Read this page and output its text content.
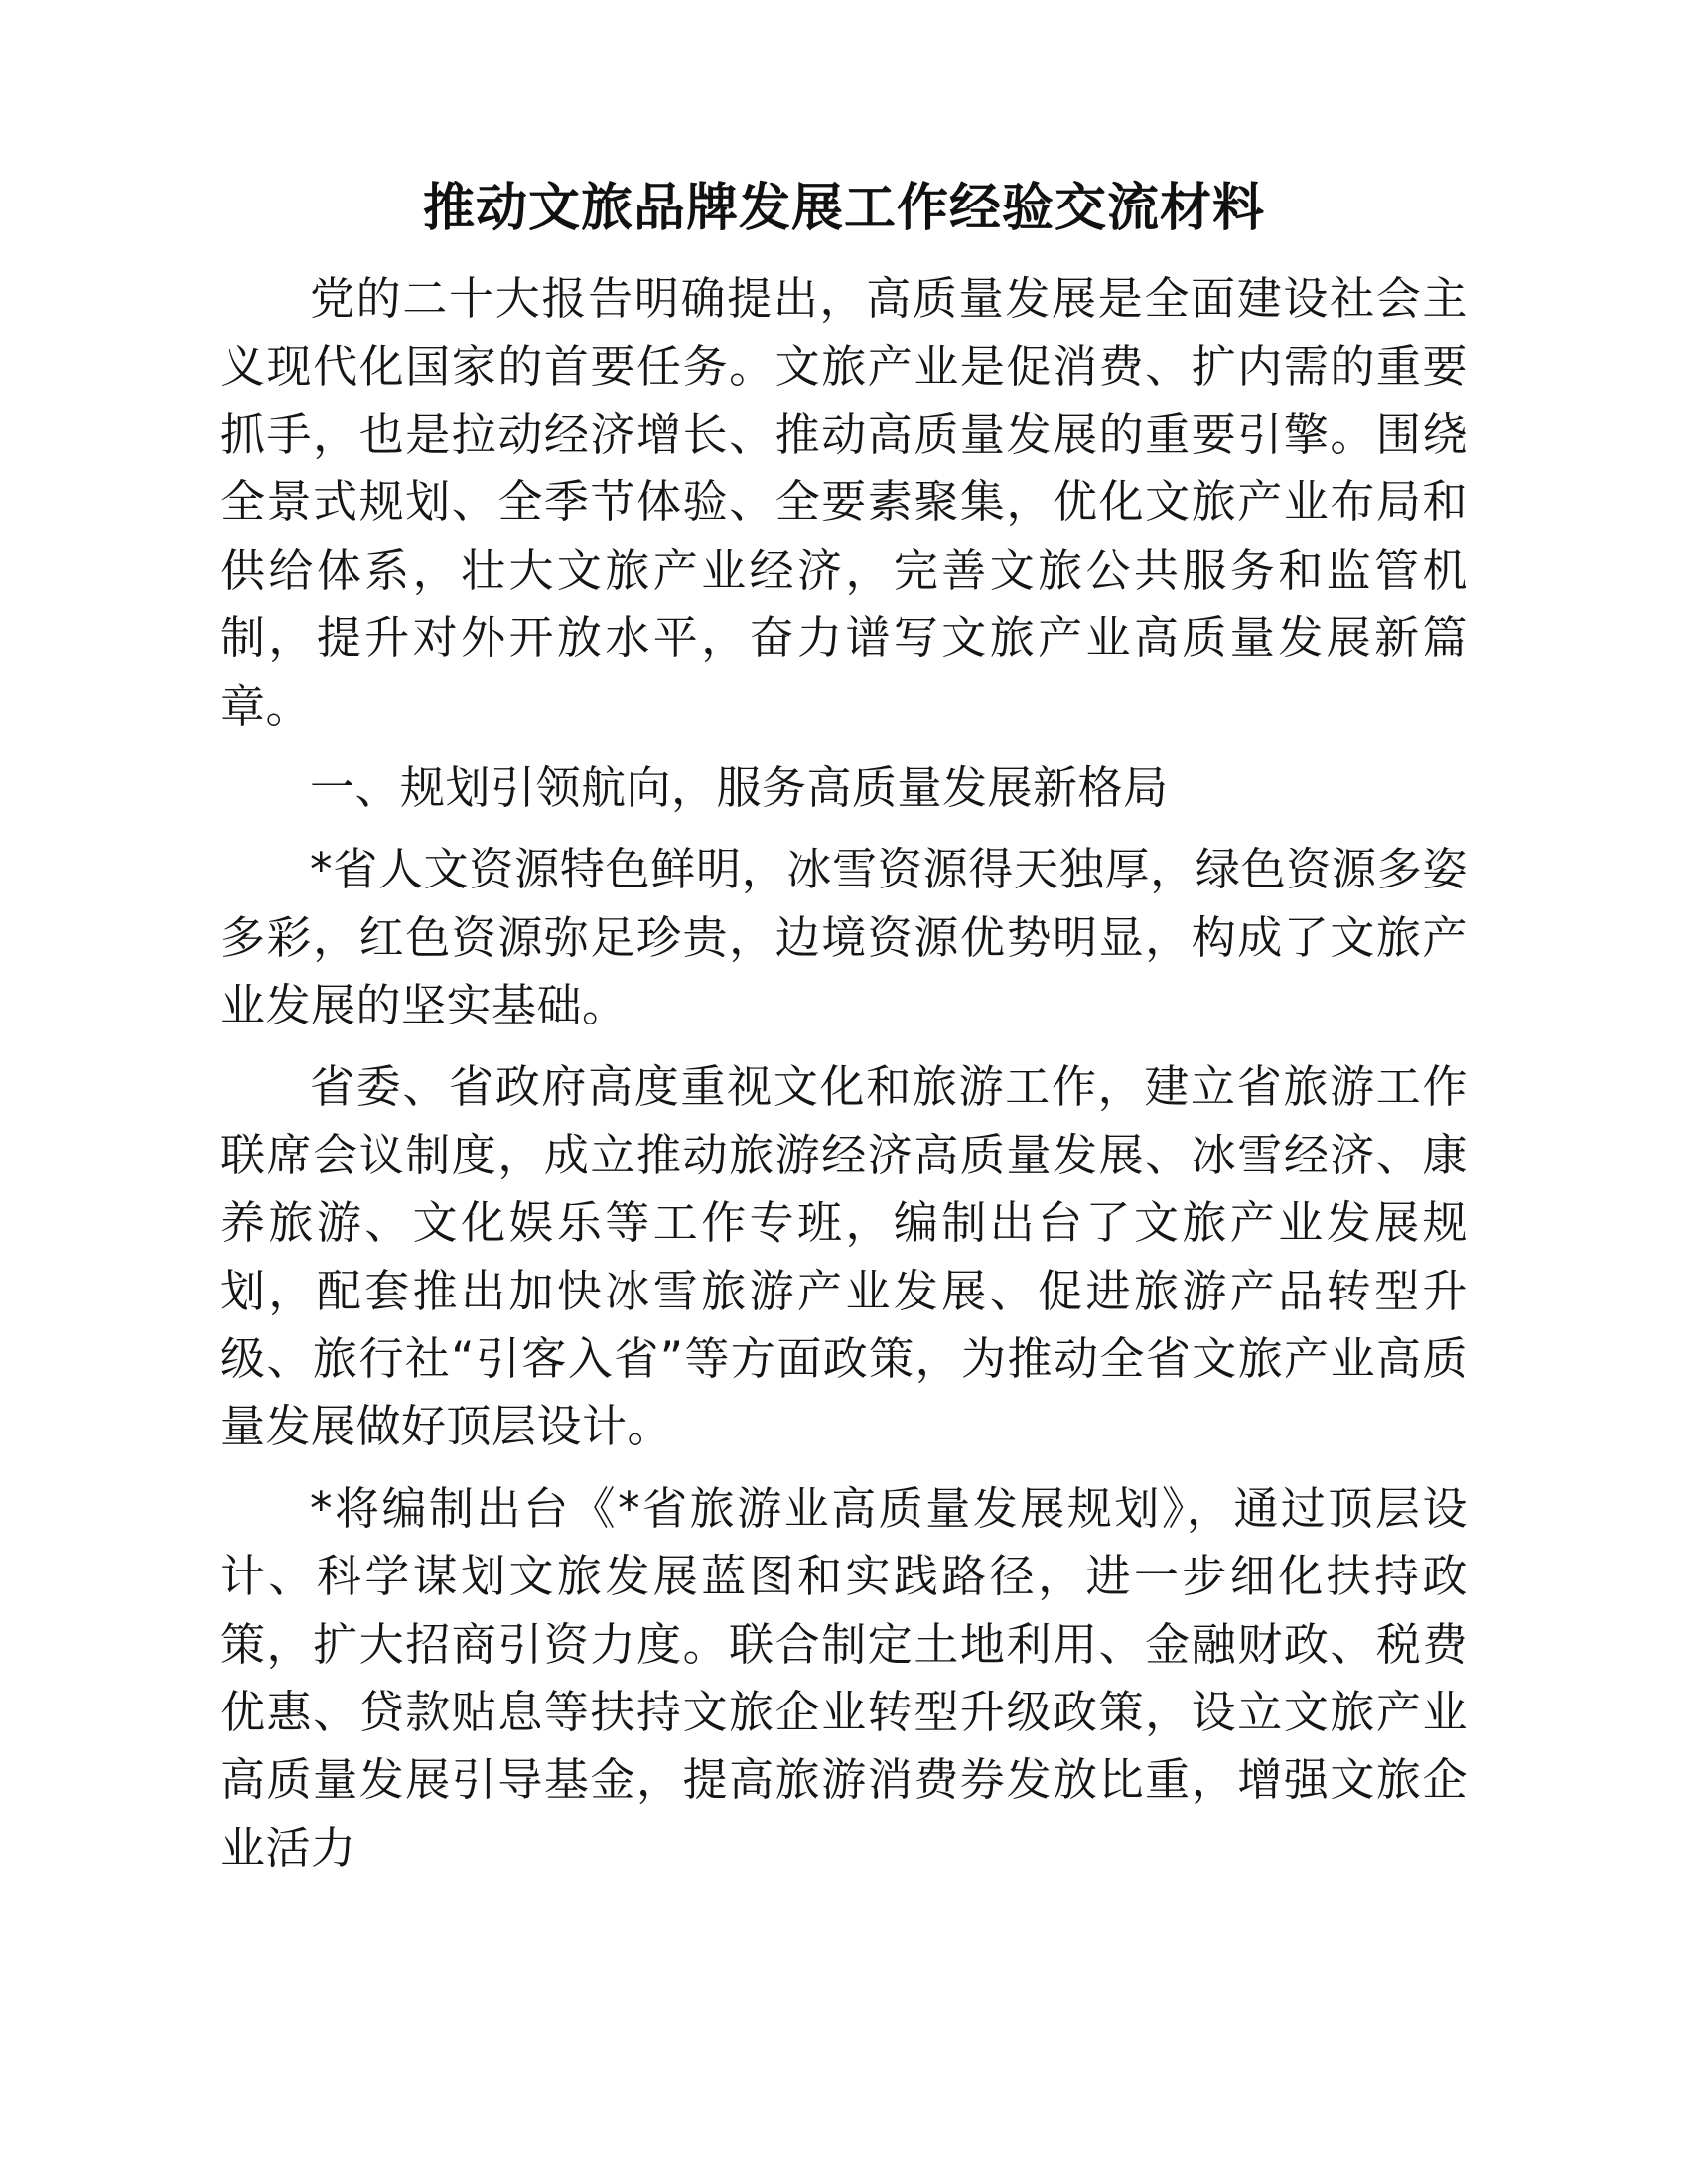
推动文旅品牌发展工作经验交流材料

党的二十大报告明确提出，高质量发展是全面建设社会主义现代化国家的首要任务。文旅产业是促消费、扩内需的重要抓手，也是拉动经济增长、推动高质量发展的重要引擎。围绕全景式规划、全季节体验、全要素聚集，优化文旅产业布局和供给体系，壮大文旅产业经济，完善文旅公共服务和监管机制，提升对外开放水平，奋力谱写文旅产业高质量发展新篇章。

一、规划引领航向，服务高质量发展新格局

*省人文资源特色鲜明，冰雪资源得天独厚，绿色资源多姿多彩，红色资源弥足珍贵，边境资源优势明显，构成了文旅产业发展的坚实基础。

省委、省政府高度重视文化和旅游工作，建立省旅游工作联席会议制度，成立推动旅游经济高质量发展、冰雪经济、康养旅游、文化娱乐等工作专班，编制出台了文旅产业发展规划，配套推出加快冰雪旅游产业发展、促进旅游产品转型升级、旅行社“引客入省”等方面政策，为推动全省文旅产业高质量发展做好顶层设计。

*将编制出台《*省旅游业高质量发展规划》，通过顶层设计、科学谋划文旅发展蓝图和实践路径，进一步细化扶持政策，扩大招商引资力度。联合制定土地利用、金融财政、税费优惠、贷款贴息等扶持文旅企业转型升级政策，设立文旅产业高质量发展引导基金，提高旅游消费券发放比重，增强文旅企业活力
